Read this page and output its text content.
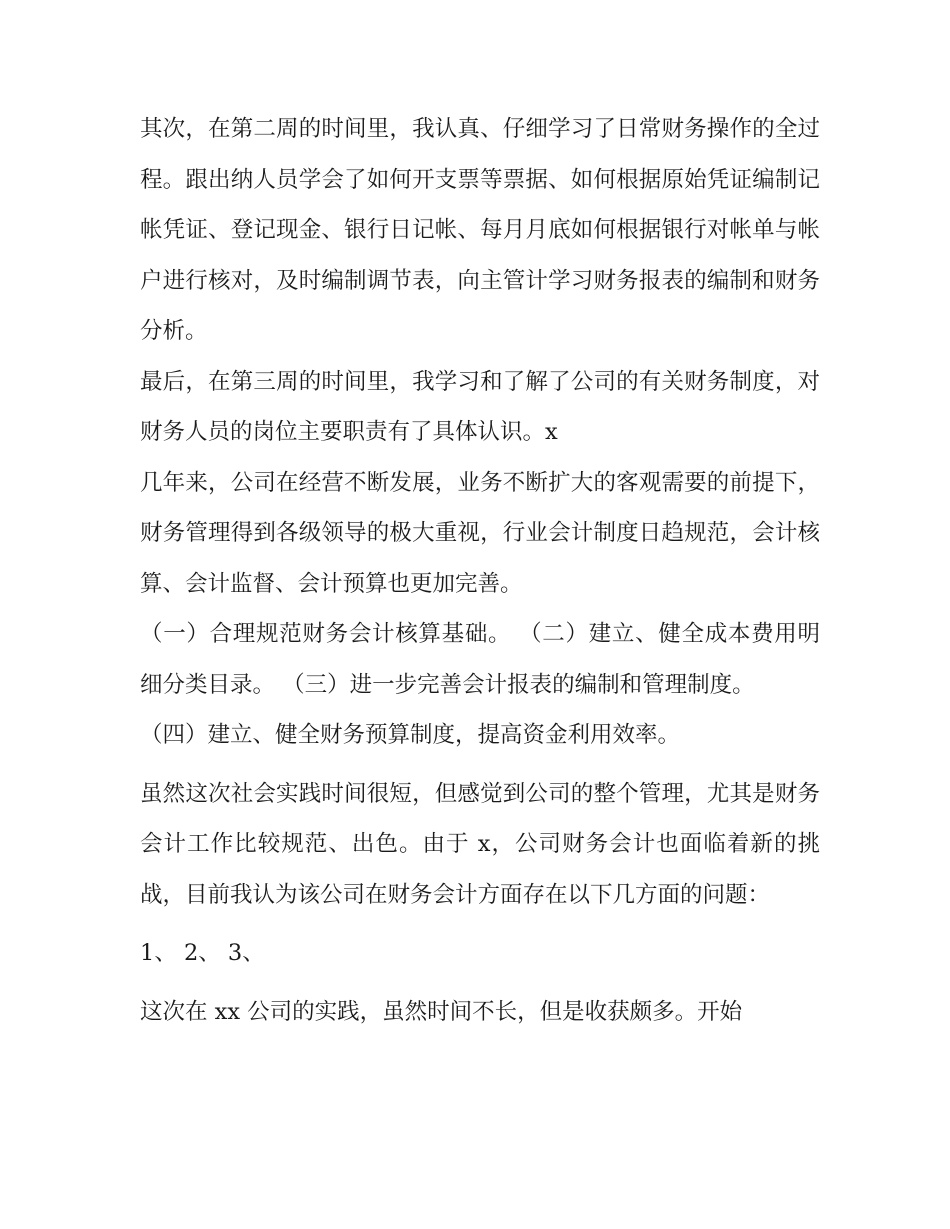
其次，在第二周的时间里，我认真、仔细学习了日常财务操作的全过程。跟出纳人员学会了如何开支票等票据、如何根据原始凭证编制记帐凭证、登记现金、银行日记帐、每月月底如何根据银行对帐单与帐户进行核对，及时编制调节表，向主管计学习财务报表的编制和财务分析。

最后，在第三周的时间里，我学习和了解了公司的有关财务制度，对财务人员的岗位主要职责有了具体认识。x

几年来，公司在经营不断发展，业务不断扩大的客观需要的前提下，财务管理得到各级领导的极大重视，行业会计制度日趋规范，会计核算、会计监督、会计预算也更加完善。

（一）合理规范财务会计核算基础。 （二）建立、健全成本费用明细分类目录。 （三）进一步完善会计报表的编制和管理制度。

（四）建立、健全财务预算制度，提高资金利用效率。

虽然这次社会实践时间很短，但感觉到公司的整个管理，尤其是财务会计工作比较规范、出色。由于 x，公司财务会计也面临着新的挑战，目前我认为该公司在财务会计方面存在以下几方面的问题：

1、 2、 3、

这次在 xx 公司的实践，虽然时间不长，但是收获颇多。开始
